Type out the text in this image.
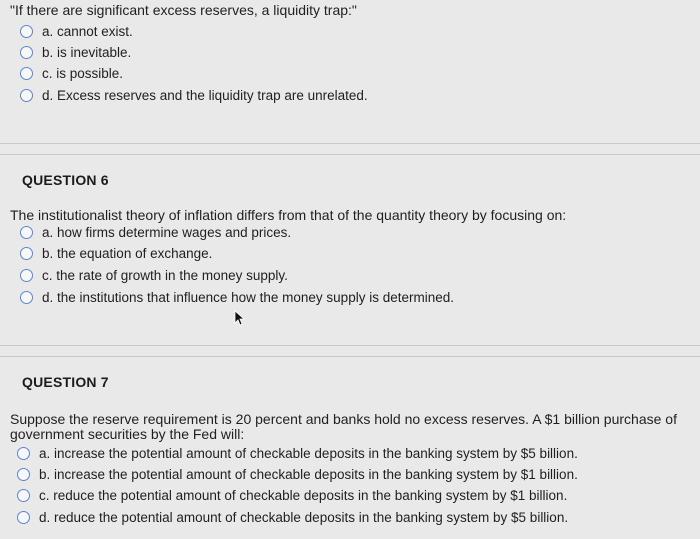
"If there are significant excess reserves, a liquidity trap:"
a. cannot exist.
b. is inevitable.
c. is possible.
d. Excess reserves and the liquidity trap are unrelated.
QUESTION 6
The institutionalist theory of inflation differs from that of the quantity theory by focusing on:
a. how firms determine wages and prices.
b. the equation of exchange.
c. the rate of growth in the money supply.
d. the institutions that influence how the money supply is determined.
QUESTION 7
Suppose the reserve requirement is 20 percent and banks hold no excess reserves. A $1 billion purchase of
government securities by the Fed will:
a. increase the potential amount of checkable deposits in the banking system by $5 billion.
b. increase the potential amount of checkable deposits in the banking system by $1 billion.
c. reduce the potential amount of checkable deposits in the banking system by $1 billion.
d. reduce the potential amount of checkable deposits in the banking system by $5 billion.
